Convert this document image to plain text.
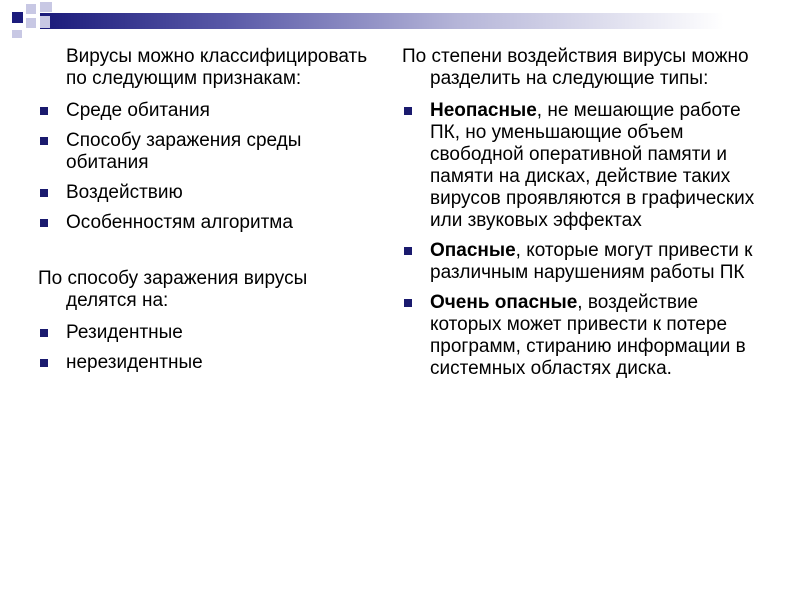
Вирусы можно классифицировать по следующим признакам:

Среде обитания
Способу заражения среды обитания
Воздействию
Особенностям алгоритма

По способу заражения вирусы делятся на:

Резидентные
нерезидентные

По степени воздействия вирусы можно разделить на следующие типы:

Неопасные, не мешающие работе ПК, но уменьшающие объем свободной оперативной памяти и памяти на дисках, действие таких вирусов проявляются в графических или звуковых эффектах
Опасные, которые могут привести к различным нарушениям работы ПК
Очень опасные, воздействие которых может привести к потере программ, стиранию информации в системных областях диска.
